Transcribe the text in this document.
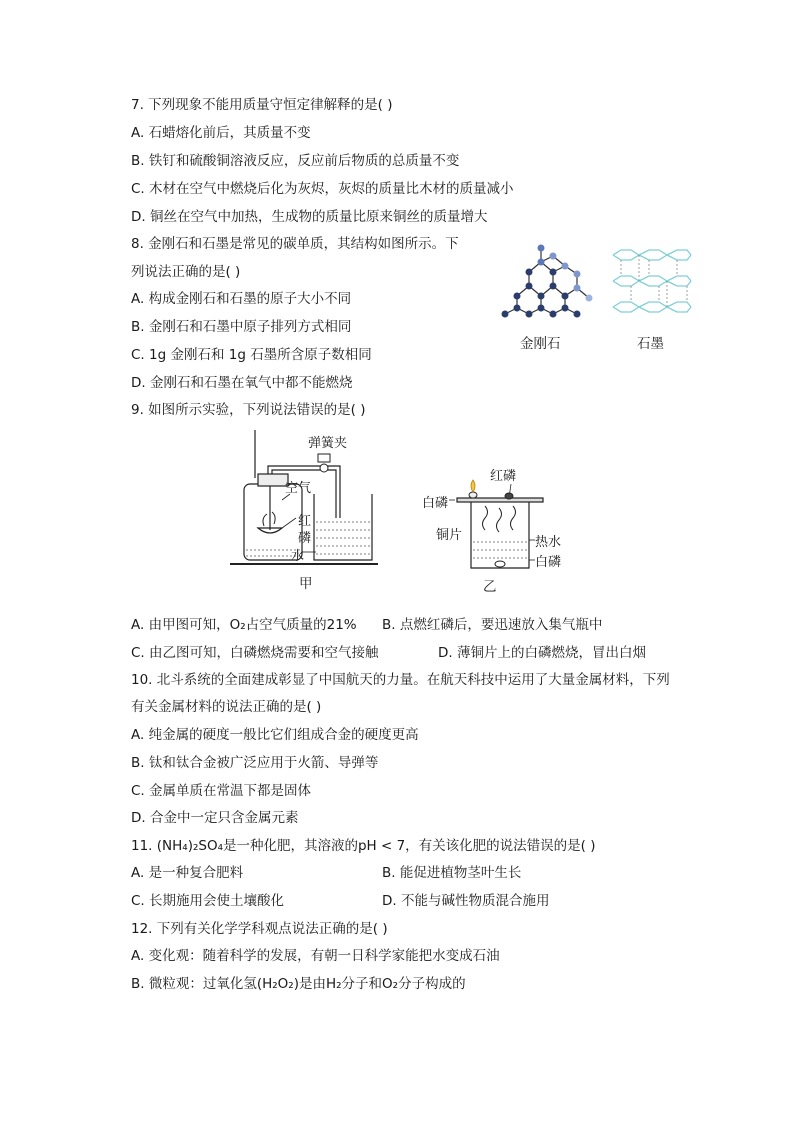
7. 下列现象不能用质量守恒定律解释的是( )
A. 石蜡熔化前后，其质量不变
B. 铁钉和硫酸铜溶液反应，反应前后物质的总质量不变
C. 木材在空气中燃烧后化为灰烬，灰烬的质量比木材的质量减小
D. 铜丝在空气中加热，生成物的质量比原来铜丝的质量增大
8. 金刚石和石墨是常见的碳单质，其结构如图所示。下
列说法正确的是( )
A. 构成金刚石和石墨的原子大小不同
B. 金刚石和石墨中原子排列方式相同
C. 1g 金刚石和 1g 石墨所含原子数相同
D. 金刚石和石墨在氧气中都不能燃烧
金刚石	石墨
9. 如图所示实验，下列说法错误的是( )
弹簧夹
空气
红
磷
水
甲
红磷
白磷
铜片	热水
白磷
乙
A. 由甲图可知，O₂占空气质量的21% B. 点燃红磷后，要迅速放入集气瓶中
C. 由乙图可知，白磷燃烧需要和空气接触	D. 薄铜片上的白磷燃烧，冒出白烟
10. 北斗系统的全面建成彰显了中国航天的力量。在航天科技中运用了大量金属材料，下列
有关金属材料的说法正确的是( )
A. 纯金属的硬度一般比它们组成合金的硬度更高
B. 钛和钛合金被广泛应用于火箭、导弹等
C. 金属单质在常温下都是固体
D. 合金中一定只含金属元素
11. (NH₄)₂SO₄是一种化肥，其溶液的pH < 7，有关该化肥的说法错误的是( )
A. 是一种复合肥料	B. 能促进植物茎叶生长
C. 长期施用会使土壤酸化	D. 不能与碱性物质混合施用
12. 下列有关化学学科观点说法正确的是( )
A. 变化观：随着科学的发展，有朝一日科学家能把水变成石油
B. 微粒观：过氧化氢(H₂O₂)是由H₂分子和O₂分子构成的
